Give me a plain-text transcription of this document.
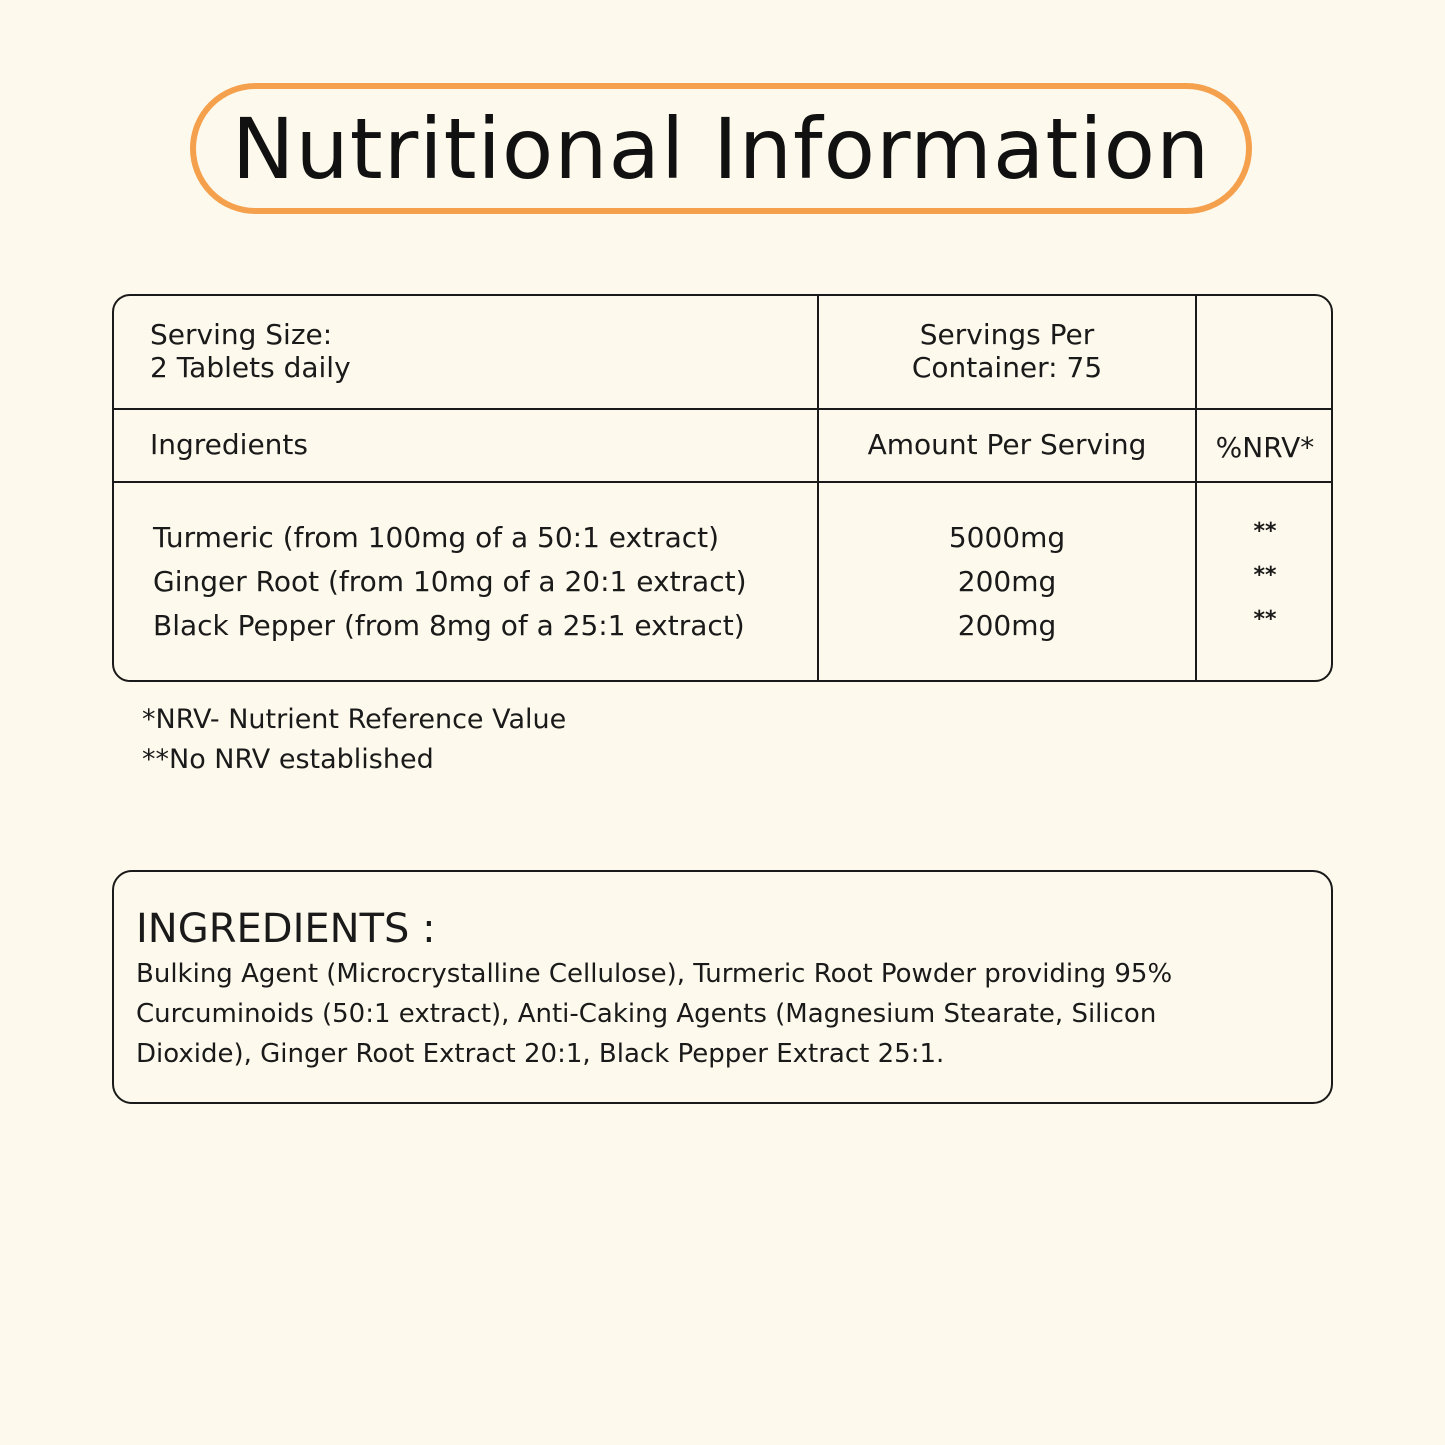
Nutritional Information
Serving Size:
2 Tablets daily
Servings Per
Container: 75
Ingredients	Amount Per Serving	%NRV*
Turmeric (from 100mg of a 50:1 extract)
Ginger Root (from 10mg of a 20:1 extract)
Black Pepper (from 8mg of a 25:1 extract)
5000mg
200mg
200mg
**
**
**
*NRV- Nutrient Reference Value
**No NRV established

INGREDIENTS :

Bulking Agent (Microcrystalline Cellulose), Turmeric Root Powder providing 95% Curcuminoids (50:1 extract), Anti-Caking Agents (Magnesium Stearate, Silicon Dioxide), Ginger Root Extract 20:1, Black Pepper Extract 25:1.
